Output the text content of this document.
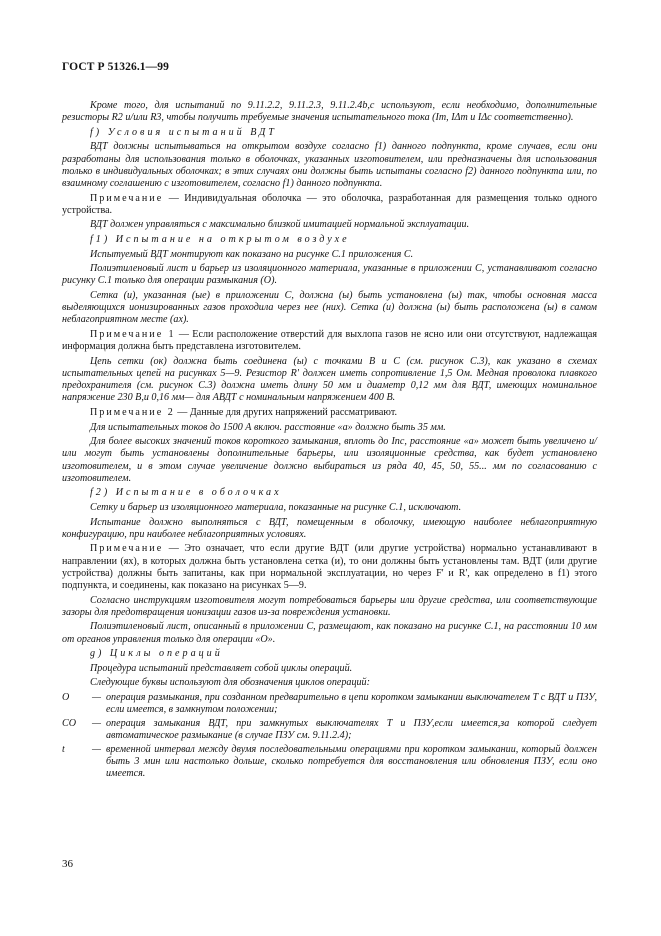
ГОСТ Р 51326.1—99

Кроме того, для испытаний по 9.11.2.2, 9.11.2.3, 9.11.2.4b,c используют, если необходимо, дополнительные резисторы R2 и/или R3, чтобы получить требуемые значения испытательного тока (Im, IΔm и IΔc соответственно).

f) Условия испытаний ВДТ

ВДТ должны испытываться на открытом воздухе согласно f1) данного подпункта, кроме случаев, если они разработаны для использования только в оболочках, указанных изготовителем, или предназначены для использования только в индивидуальных оболочках; в этих случаях они должны быть испытаны согласно f2) данного подпункта или, по взаимному соглашению с изготовителем, согласно f1) данного подпункта.

Примечание — Индивидуальная оболочка — это оболочка, разработанная для размещения только одного устройства.

ВДТ должен управляться с максимально близкой имитацией нормальной эксплуатации.

f1) Испытание на открытом воздухе

Испытуемый ВДТ монтируют как показано на рисунке С.1 приложения С.

Полиэтиленовый лист и барьер из изоляционного материала, указанные в приложении С, устанавливают согласно рисунку С.1 только для операции размыкания (О).

Сетка (и), указанная (ые) в приложении С, должна (ы) быть установлена (ы) так, чтобы основная масса выделяющихся ионизированных газов проходила через нее (них). Сетка (и) должна (ы) быть расположена (ы) в самом неблагоприятном месте (ах).

Примечание 1 — Если расположение отверстий для выхлопа газов не ясно или они отсутствуют, надлежащая информация должна быть представлена изготовителем.

Цепь сетки (ок) должна быть соединена (ы) с точками B и C (см. рисунок С.3), как указано в схемах испытательных цепей на рисунках 5—9. Резистор R' должен иметь сопротивление 1,5 Ом. Медная проволока плавкого предохранителя (см. рисунок С.3) должна иметь длину 50 мм и диаметр 0,12 мм для ВДТ, имеющих номинальное напряжение 230 В,и 0,16 мм— для АВДТ с номинальным напряжением 400 В.

Примечание 2 — Данные для других напряжений рассматривают.

Для испытательных токов до 1500 А включ. расстояние «а» должно быть 35 мм.

Для более высоких значений токов короткого замыкания, вплоть до Inc, расстояние «а» может быть увеличено и/или могут быть установлены дополнительные барьеры, или изоляционные средства, как будет установлено изготовителем, и в этом случае увеличение должно выбираться из ряда 40, 45, 50, 55... мм по согласованию с изготовителем.

f2) Испытание в оболочках

Сетку и барьер из изоляционного материала, показанные на рисунке С.1, исключают.

Испытание должно выполняться с ВДТ, помещенным в оболочку, имеющую наиболее неблагоприятную конфигурацию, при наиболее неблагоприятных условиях.

Примечание — Это означает, что если другие ВДТ (или другие устройства) нормально устанавливают в направлении (ях), в которых должна быть установлена сетка (и), то они должны быть установлены там. ВДТ (или другие устройства) должны быть запитаны, как при нормальной эксплуатации, но через F' и R', как определено в f1) этого подпункта, и соединены, как показано на рисунках 5—9.

Согласно инструкциям изготовителя могут потребоваться барьеры или другие средства, или соответствующие зазоры для предотвращения ионизации газов из-за повреждения установки.

Полиэтиленовый лист, описанный в приложении С, размещают, как показано на рисунке С.1, на расстоянии 10 мм от органов управления только для операции «О».

g) Циклы операций

Процедура испытаний представляет собой циклы операций.

Следующие буквы используют для обозначения циклов операций:

O	— операция размыкания, при созданном предварительно в цепи коротком замыкании выключателем T с ВДТ и ПЗУ, если имеется, в замкнутом положении;
CO	— операция замыкания ВДТ, при замкнутых выключателях T и ПЗУ,если имеется,за которой следует автоматическое размыкание (в случае ПЗУ см. 9.11.2.4);
t	— временной интервал между двумя последовательными операциями при коротком замыкании, который должен быть 3 мин или настолько дольше, сколько потребуется для восстановления или обновления ПЗУ, если оно имеется.
36
